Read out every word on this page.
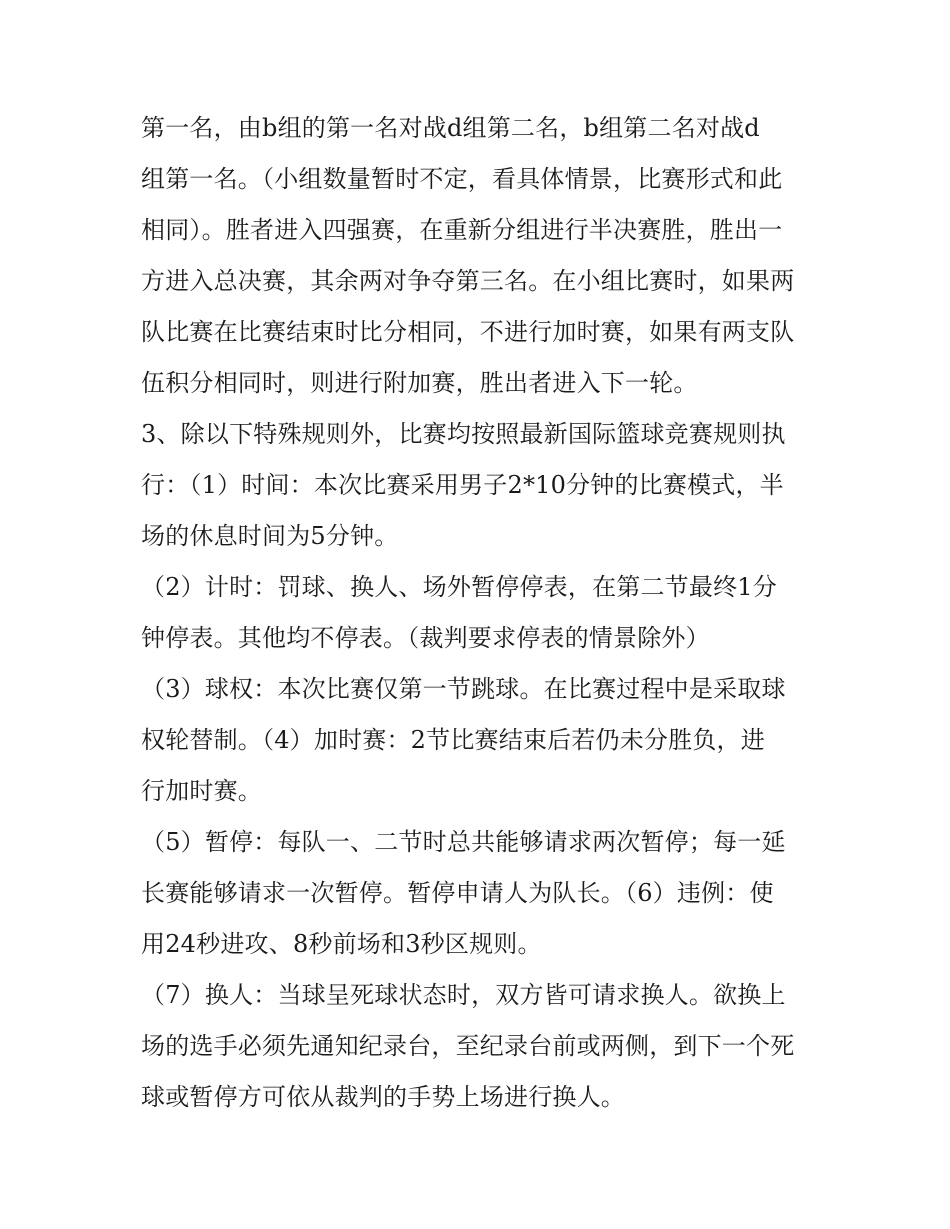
第一名，由b组的第一名对战d组第二名，b组第二名对战d
组第一名。（小组数量暂时不定，看具体情景，比赛形式和此
相同）。胜者进入四强赛，在重新分组进行半决赛胜，胜出一
方进入总决赛，其余两对争夺第三名。在小组比赛时，如果两
队比赛在比赛结束时比分相同，不进行加时赛，如果有两支队
伍积分相同时，则进行附加赛，胜出者进入下一轮。
3、除以下特殊规则外，比赛均按照最新国际篮球竞赛规则执
行：（1）时间：本次比赛采用男子2*10分钟的比赛模式，半
场的休息时间为5分钟。
（2）计时：罚球、换人、场外暂停停表，在第二节最终1分
钟停表。其他均不停表。（裁判要求停表的情景除外）
（3）球权：本次比赛仅第一节跳球。在比赛过程中是采取球
权轮替制。（4）加时赛：2节比赛结束后若仍未分胜负，进
行加时赛。
（5）暂停：每队一、二节时总共能够请求两次暂停；每一延
长赛能够请求一次暂停。暂停申请人为队长。（6）违例：使
用24秒进攻、8秒前场和3秒区规则。
（7）换人：当球呈死球状态时，双方皆可请求换人。欲换上
场的选手必须先通知纪录台，至纪录台前或两侧，到下一个死
球或暂停方可依从裁判的手势上场进行换人。
